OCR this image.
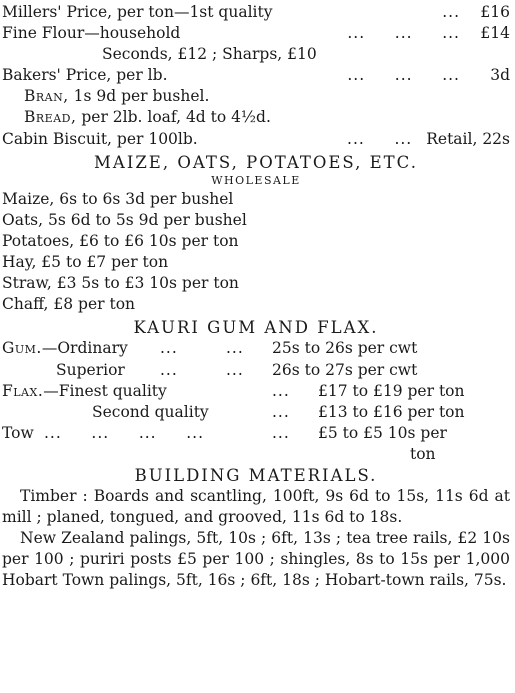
Millers' Price, per ton—1st quality	...	£16
Fine Flour—household	...     ...     ...	£14
Seconds, £12 ; Sharps, £10
Bakers' Price, per lb.	...     ...     ...	3d
Bran,
1s 9d per bushel.
Bread,
per 2lb. loaf, 4d to 4½d.
Cabin Biscuit, per 100lb.	...     ... Retail, 22s
MAIZE, OATS, POTATOES, ETC.
WHOLESALE
Maize, 6s to 6s 3d per bushel
Oats, 5s 6d to 5s 9d per bushel
Potatoes, £6 to £6 10s per ton
Hay, £5 to £7 per ton
Straw, £3 5s to £3 10s per ton
Chaff, £8 per ton
KAURI GUM AND FLAX.
Gum.—Ordinary	...	...	25s to 26s per cwt
Superior	...	...	26s to 27s per cwt
Flax.—Finest quality	...	£17 to £19 per ton
Second quality	...	£13 to £16 per ton
Tow ...     ...     ...     ...	...	£5 to £5 10s per
ton
BUILDING MATERIALS.

Timber : Boards and scantling, 100ft, 9s 6d to 15s, 11s 6d at mill ; planed, tongued, and grooved, 11s 6d to 18s.

New Zealand palings, 5ft, 10s ; 6ft, 13s ; tea tree rails, £2 10s per 100 ; puriri posts £5 per 100 ; shingles, 8s to 15s per 1,000 Hobart Town palings, 5ft, 16s ; 6ft, 18s ; Hobart-town rails, 75s.
